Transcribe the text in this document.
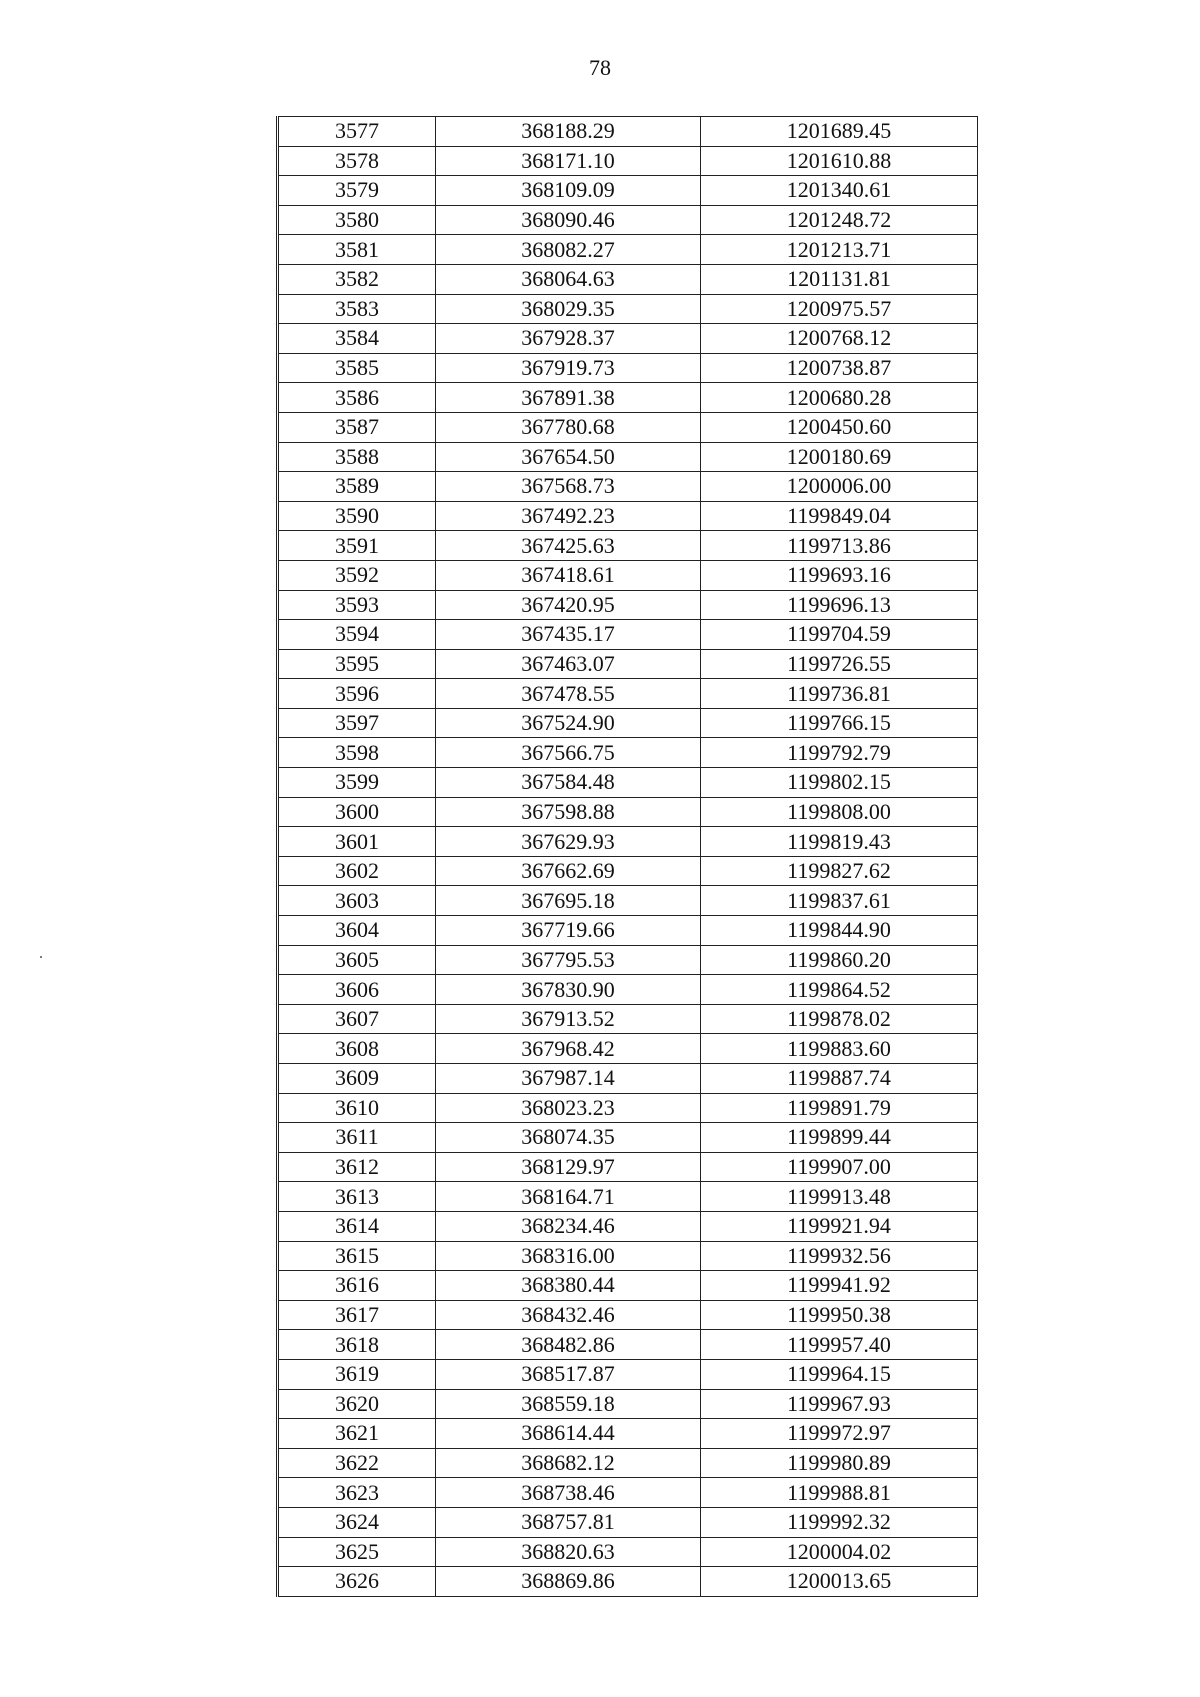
78
3577	368188.29	1201689.45
3578	368171.10	1201610.88
3579	368109.09	1201340.61
3580	368090.46	1201248.72
3581	368082.27	1201213.71
3582	368064.63	1201131.81
3583	368029.35	1200975.57
3584	367928.37	1200768.12
3585	367919.73	1200738.87
3586	367891.38	1200680.28
3587	367780.68	1200450.60
3588	367654.50	1200180.69
3589	367568.73	1200006.00
3590	367492.23	1199849.04
3591	367425.63	1199713.86
3592	367418.61	1199693.16
3593	367420.95	1199696.13
3594	367435.17	1199704.59
3595	367463.07	1199726.55
3596	367478.55	1199736.81
3597	367524.90	1199766.15
3598	367566.75	1199792.79
3599	367584.48	1199802.15
3600	367598.88	1199808.00
3601	367629.93	1199819.43
3602	367662.69	1199827.62
3603	367695.18	1199837.61
3604	367719.66	1199844.90
3605	367795.53	1199860.20
3606	367830.90	1199864.52
3607	367913.52	1199878.02
3608	367968.42	1199883.60
3609	367987.14	1199887.74
3610	368023.23	1199891.79
3611	368074.35	1199899.44
3612	368129.97	1199907.00
3613	368164.71	1199913.48
3614	368234.46	1199921.94
3615	368316.00	1199932.56
3616	368380.44	1199941.92
3617	368432.46	1199950.38
3618	368482.86	1199957.40
3619	368517.87	1199964.15
3620	368559.18	1199967.93
3621	368614.44	1199972.97
3622	368682.12	1199980.89
3623	368738.46	1199988.81
3624	368757.81	1199992.32
3625	368820.63	1200004.02
3626	368869.86	1200013.65
